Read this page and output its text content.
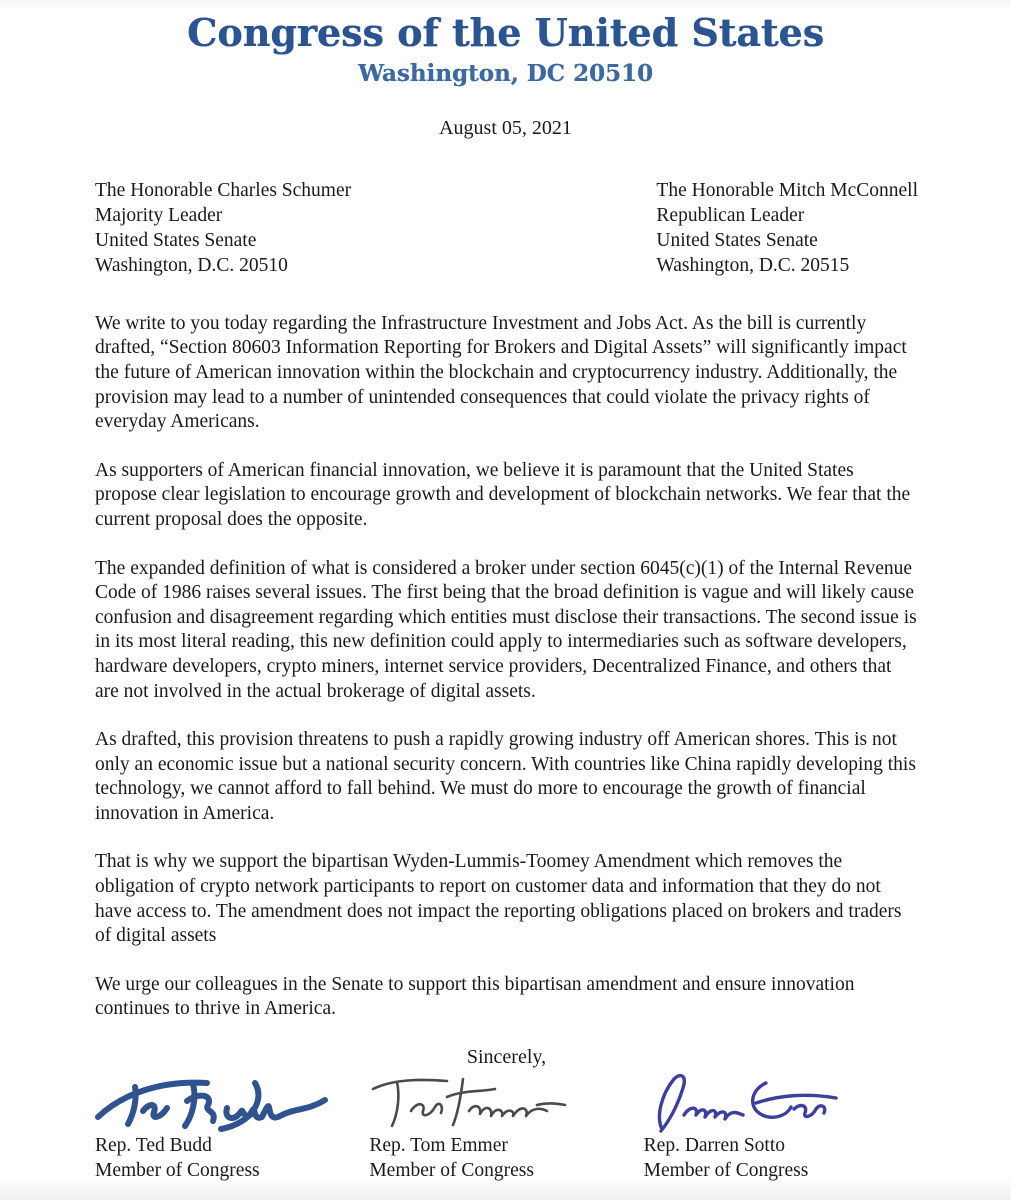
Congress of the United States
Washington, DC 20510
August 05, 2021
The Honorable Charles Schumer
Majority Leader
United States Senate
Washington, D.C. 20510
The Honorable Mitch McConnell
Republican Leader
United States Senate
Washington, D.C. 20515

We write to you today regarding the Infrastructure Investment and Jobs Act. As the bill is currently drafted, “Section 80603 Information Reporting for Brokers and Digital Assets” will significantly impact the future of American innovation within the blockchain and cryptocurrency industry. Additionally, the provision may lead to a number of unintended consequences that could violate the privacy rights of everyday Americans.

As supporters of American financial innovation, we believe it is paramount that the United States propose clear legislation to encourage growth and development of blockchain networks. We fear that the current proposal does the opposite.

The expanded definition of what is considered a broker under section 6045(c)(1) of the Internal Revenue Code of 1986 raises several issues. The first being that the broad definition is vague and will likely cause confusion and disagreement regarding which entities must disclose their transactions. The second issue is in its most literal reading, this new definition could apply to intermediaries such as software developers, hardware developers, crypto miners, internet service providers, Decentralized Finance, and others that are not involved in the actual brokerage of digital assets.

As drafted, this provision threatens to push a rapidly growing industry off American shores. This is not only an economic issue but a national security concern. With countries like China rapidly developing this technology, we cannot afford to fall behind. We must do more to encourage the growth of financial innovation in America.

That is why we support the bipartisan Wyden-Lummis-Toomey Amendment which removes the obligation of crypto network participants to report on customer data and information that they do not have access to. The amendment does not impact the reporting obligations placed on brokers and traders of digital assets

We urge our colleagues in the Senate to support this bipartisan amendment and ensure innovation continues to thrive in America.

Sincerely,
Rep. Ted Budd
Member of Congress
Rep. Tom Emmer
Member of Congress
Rep. Darren Sotto
Member of Congress
